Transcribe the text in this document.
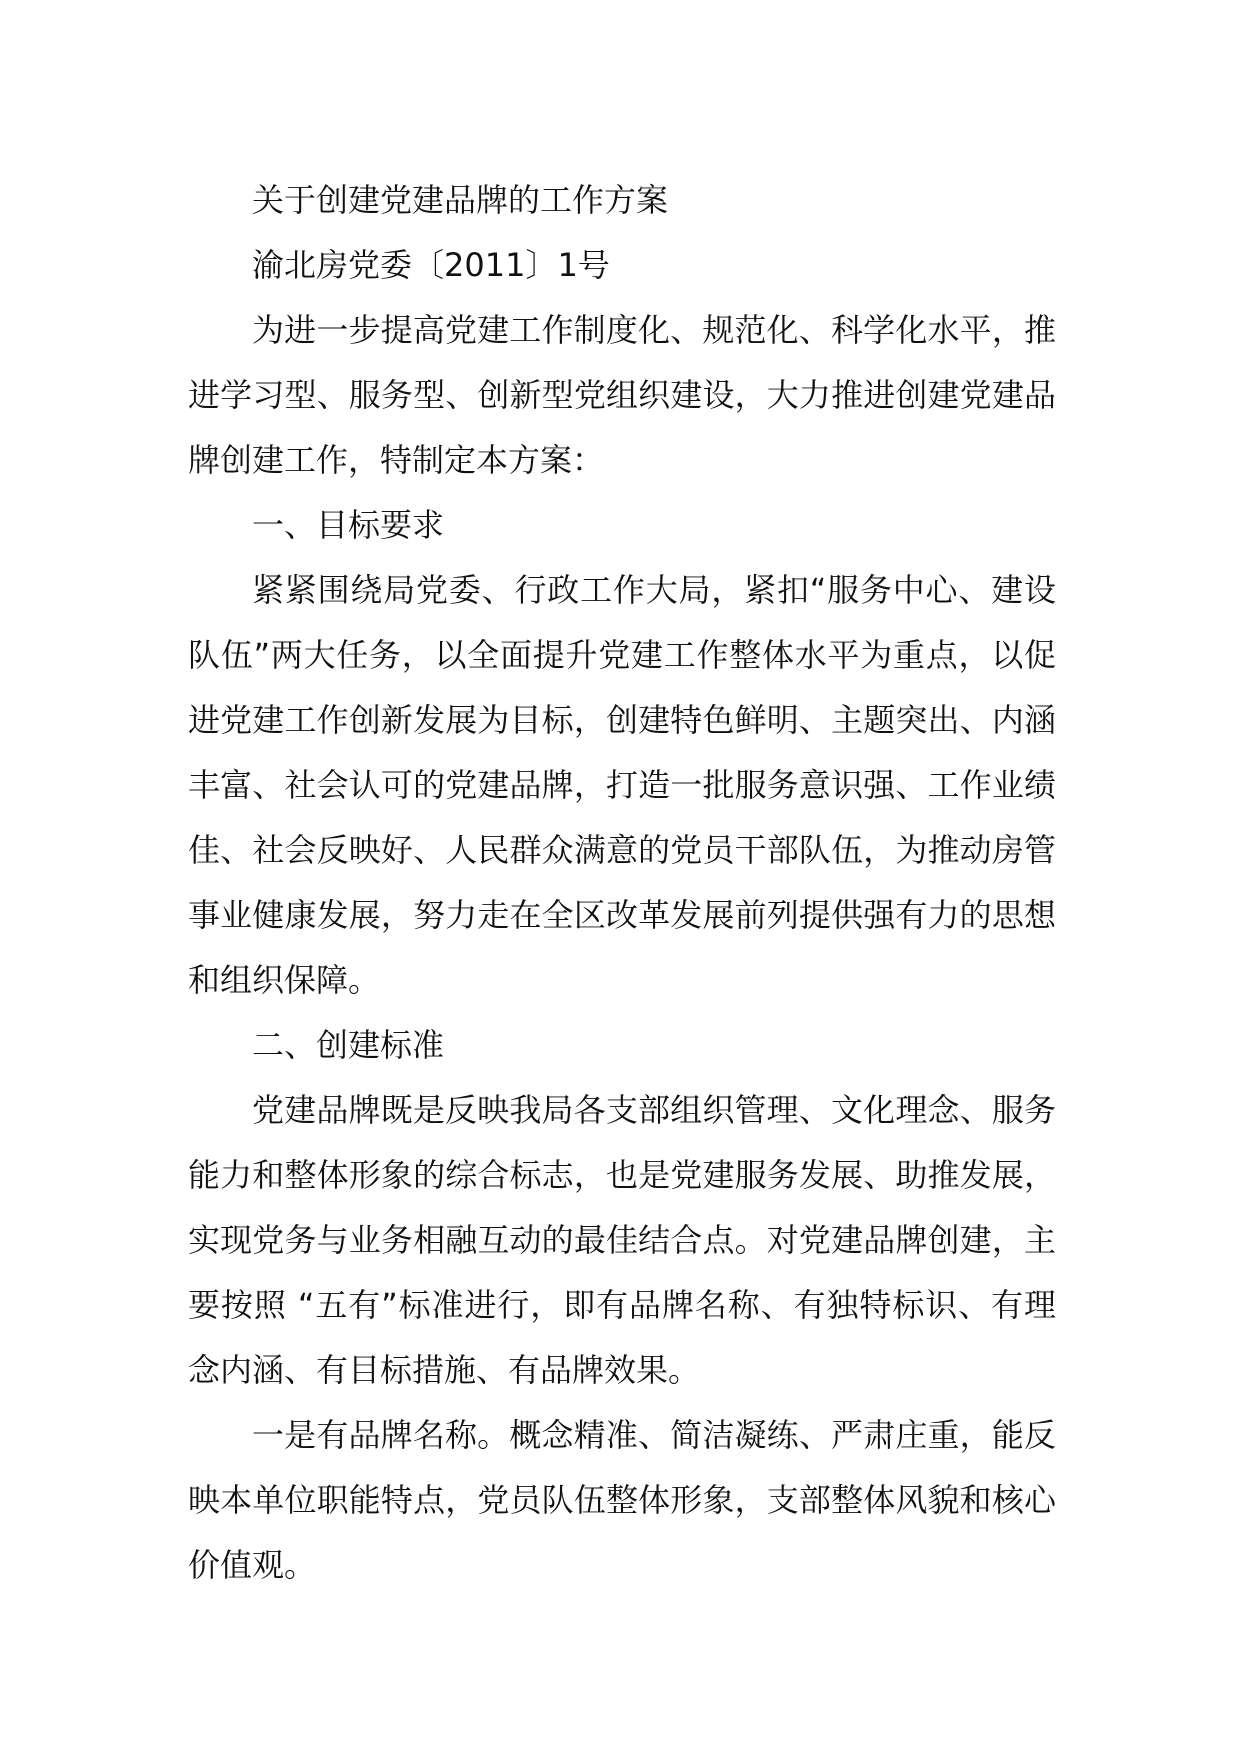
关于创建党建品牌的工作方案

渝北房党委〔2011〕1号

为进一步提高党建工作制度化、规范化、科学化水平，推进学习型、服务型、创新型党组织建设，大力推进创建党建品牌创建工作，特制定本方案：

一、目标要求

紧紧围绕局党委、行政工作大局，紧扣“服务中心、建设队伍”两大任务，以全面提升党建工作整体水平为重点，以促进党建工作创新发展为目标，创建特色鲜明、主题突出、内涵丰富、社会认可的党建品牌，打造一批服务意识强、工作业绩佳、社会反映好、人民群众满意的党员干部队伍，为推动房管事业健康发展，努力走在全区改革发展前列提供强有力的思想和组织保障。

二、创建标准

党建品牌既是反映我局各支部组织管理、文化理念、服务能力和整体形象的综合标志，也是党建服务发展、助推发展，实现党务与业务相融互动的最佳结合点。对党建品牌创建，主要按照 “五有”标准进行，即有品牌名称、有独特标识、有理念内涵、有目标措施、有品牌效果。

一是有品牌名称。概念精准、简洁凝练、严肃庄重，能反映本单位职能特点，党员队伍整体形象，支部整体风貌和核心价值观。
